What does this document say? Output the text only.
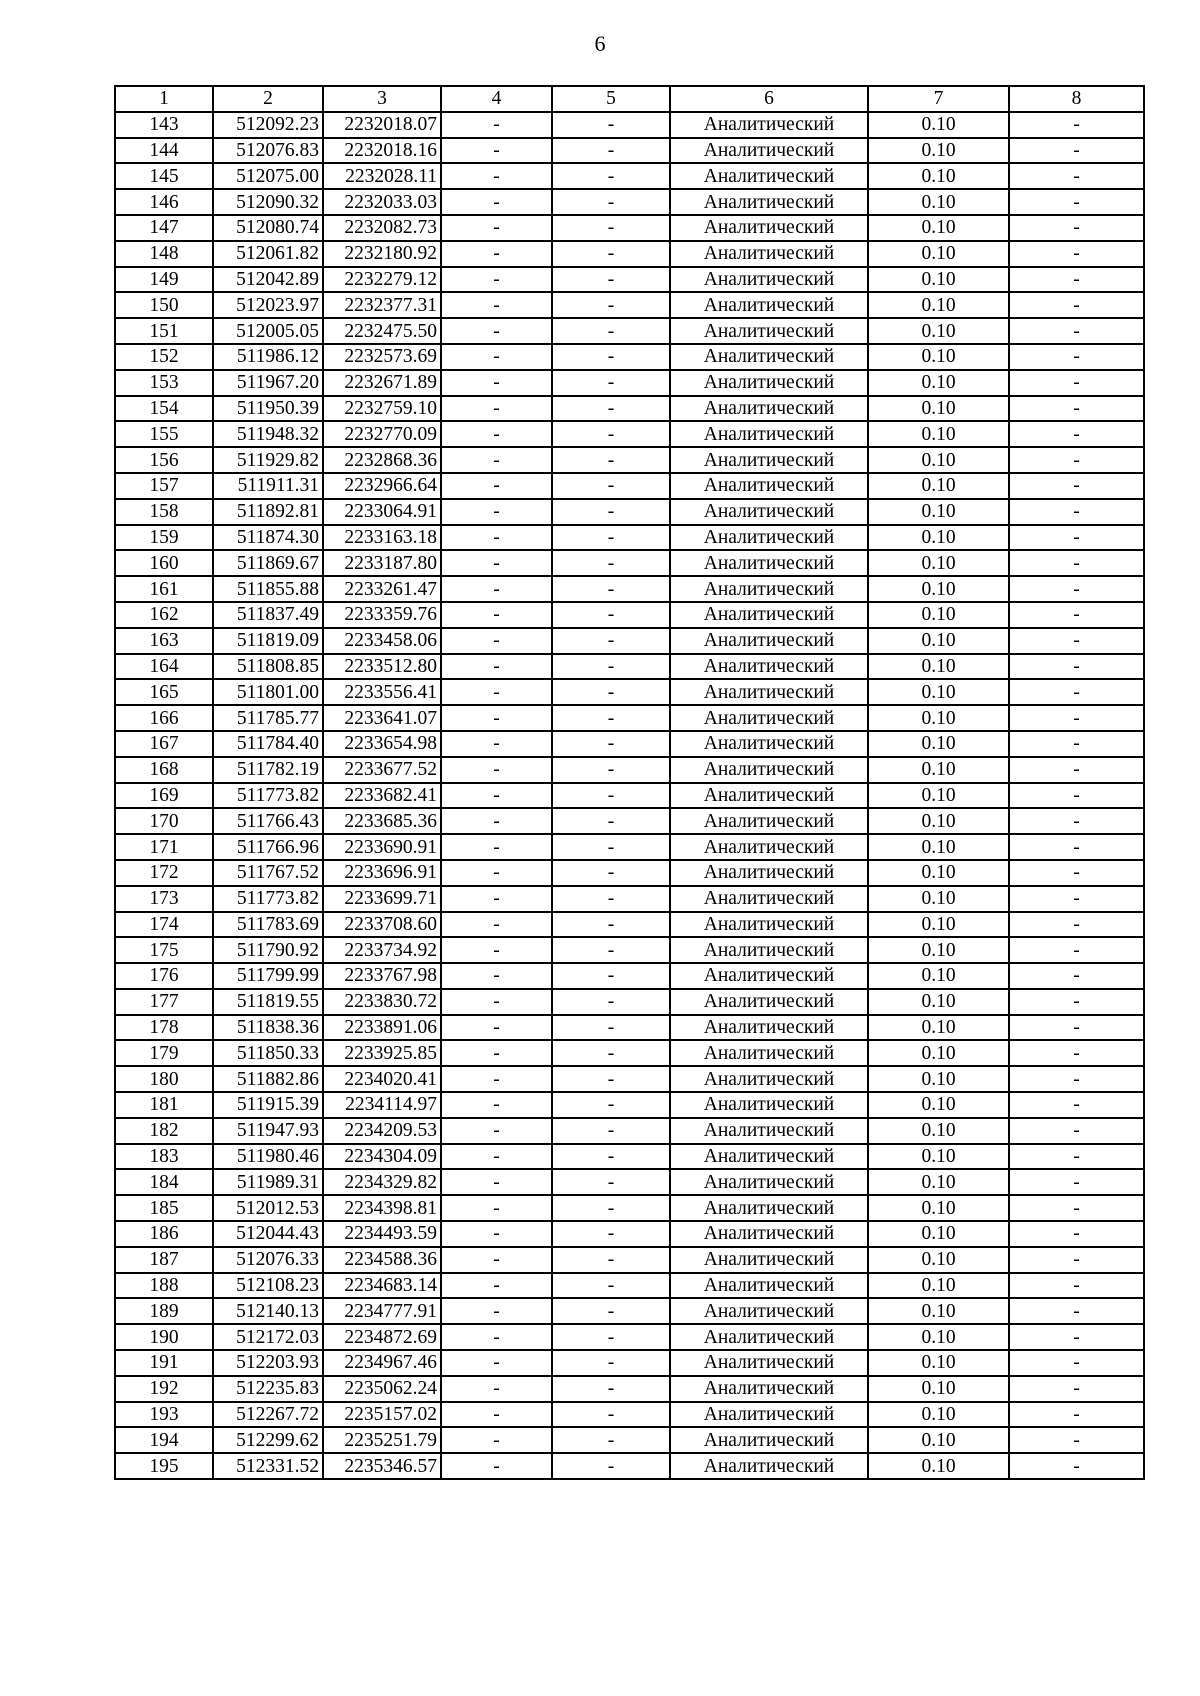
6
1	2	3	4	5	6	7	8
143	512092.23	2232018.07	-	-	Аналитический	0.10	-
144	512076.83	2232018.16	-	-	Аналитический	0.10	-
145	512075.00	2232028.11	-	-	Аналитический	0.10	-
146	512090.32	2232033.03	-	-	Аналитический	0.10	-
147	512080.74	2232082.73	-	-	Аналитический	0.10	-
148	512061.82	2232180.92	-	-	Аналитический	0.10	-
149	512042.89	2232279.12	-	-	Аналитический	0.10	-
150	512023.97	2232377.31	-	-	Аналитический	0.10	-
151	512005.05	2232475.50	-	-	Аналитический	0.10	-
152	511986.12	2232573.69	-	-	Аналитический	0.10	-
153	511967.20	2232671.89	-	-	Аналитический	0.10	-
154	511950.39	2232759.10	-	-	Аналитический	0.10	-
155	511948.32	2232770.09	-	-	Аналитический	0.10	-
156	511929.82	2232868.36	-	-	Аналитический	0.10	-
157	511911.31	2232966.64	-	-	Аналитический	0.10	-
158	511892.81	2233064.91	-	-	Аналитический	0.10	-
159	511874.30	2233163.18	-	-	Аналитический	0.10	-
160	511869.67	2233187.80	-	-	Аналитический	0.10	-
161	511855.88	2233261.47	-	-	Аналитический	0.10	-
162	511837.49	2233359.76	-	-	Аналитический	0.10	-
163	511819.09	2233458.06	-	-	Аналитический	0.10	-
164	511808.85	2233512.80	-	-	Аналитический	0.10	-
165	511801.00	2233556.41	-	-	Аналитический	0.10	-
166	511785.77	2233641.07	-	-	Аналитический	0.10	-
167	511784.40	2233654.98	-	-	Аналитический	0.10	-
168	511782.19	2233677.52	-	-	Аналитический	0.10	-
169	511773.82	2233682.41	-	-	Аналитический	0.10	-
170	511766.43	2233685.36	-	-	Аналитический	0.10	-
171	511766.96	2233690.91	-	-	Аналитический	0.10	-
172	511767.52	2233696.91	-	-	Аналитический	0.10	-
173	511773.82	2233699.71	-	-	Аналитический	0.10	-
174	511783.69	2233708.60	-	-	Аналитический	0.10	-
175	511790.92	2233734.92	-	-	Аналитический	0.10	-
176	511799.99	2233767.98	-	-	Аналитический	0.10	-
177	511819.55	2233830.72	-	-	Аналитический	0.10	-
178	511838.36	2233891.06	-	-	Аналитический	0.10	-
179	511850.33	2233925.85	-	-	Аналитический	0.10	-
180	511882.86	2234020.41	-	-	Аналитический	0.10	-
181	511915.39	2234114.97	-	-	Аналитический	0.10	-
182	511947.93	2234209.53	-	-	Аналитический	0.10	-
183	511980.46	2234304.09	-	-	Аналитический	0.10	-
184	511989.31	2234329.82	-	-	Аналитический	0.10	-
185	512012.53	2234398.81	-	-	Аналитический	0.10	-
186	512044.43	2234493.59	-	-	Аналитический	0.10	-
187	512076.33	2234588.36	-	-	Аналитический	0.10	-
188	512108.23	2234683.14	-	-	Аналитический	0.10	-
189	512140.13	2234777.91	-	-	Аналитический	0.10	-
190	512172.03	2234872.69	-	-	Аналитический	0.10	-
191	512203.93	2234967.46	-	-	Аналитический	0.10	-
192	512235.83	2235062.24	-	-	Аналитический	0.10	-
193	512267.72	2235157.02	-	-	Аналитический	0.10	-
194	512299.62	2235251.79	-	-	Аналитический	0.10	-
195	512331.52	2235346.57	-	-	Аналитический	0.10	-
